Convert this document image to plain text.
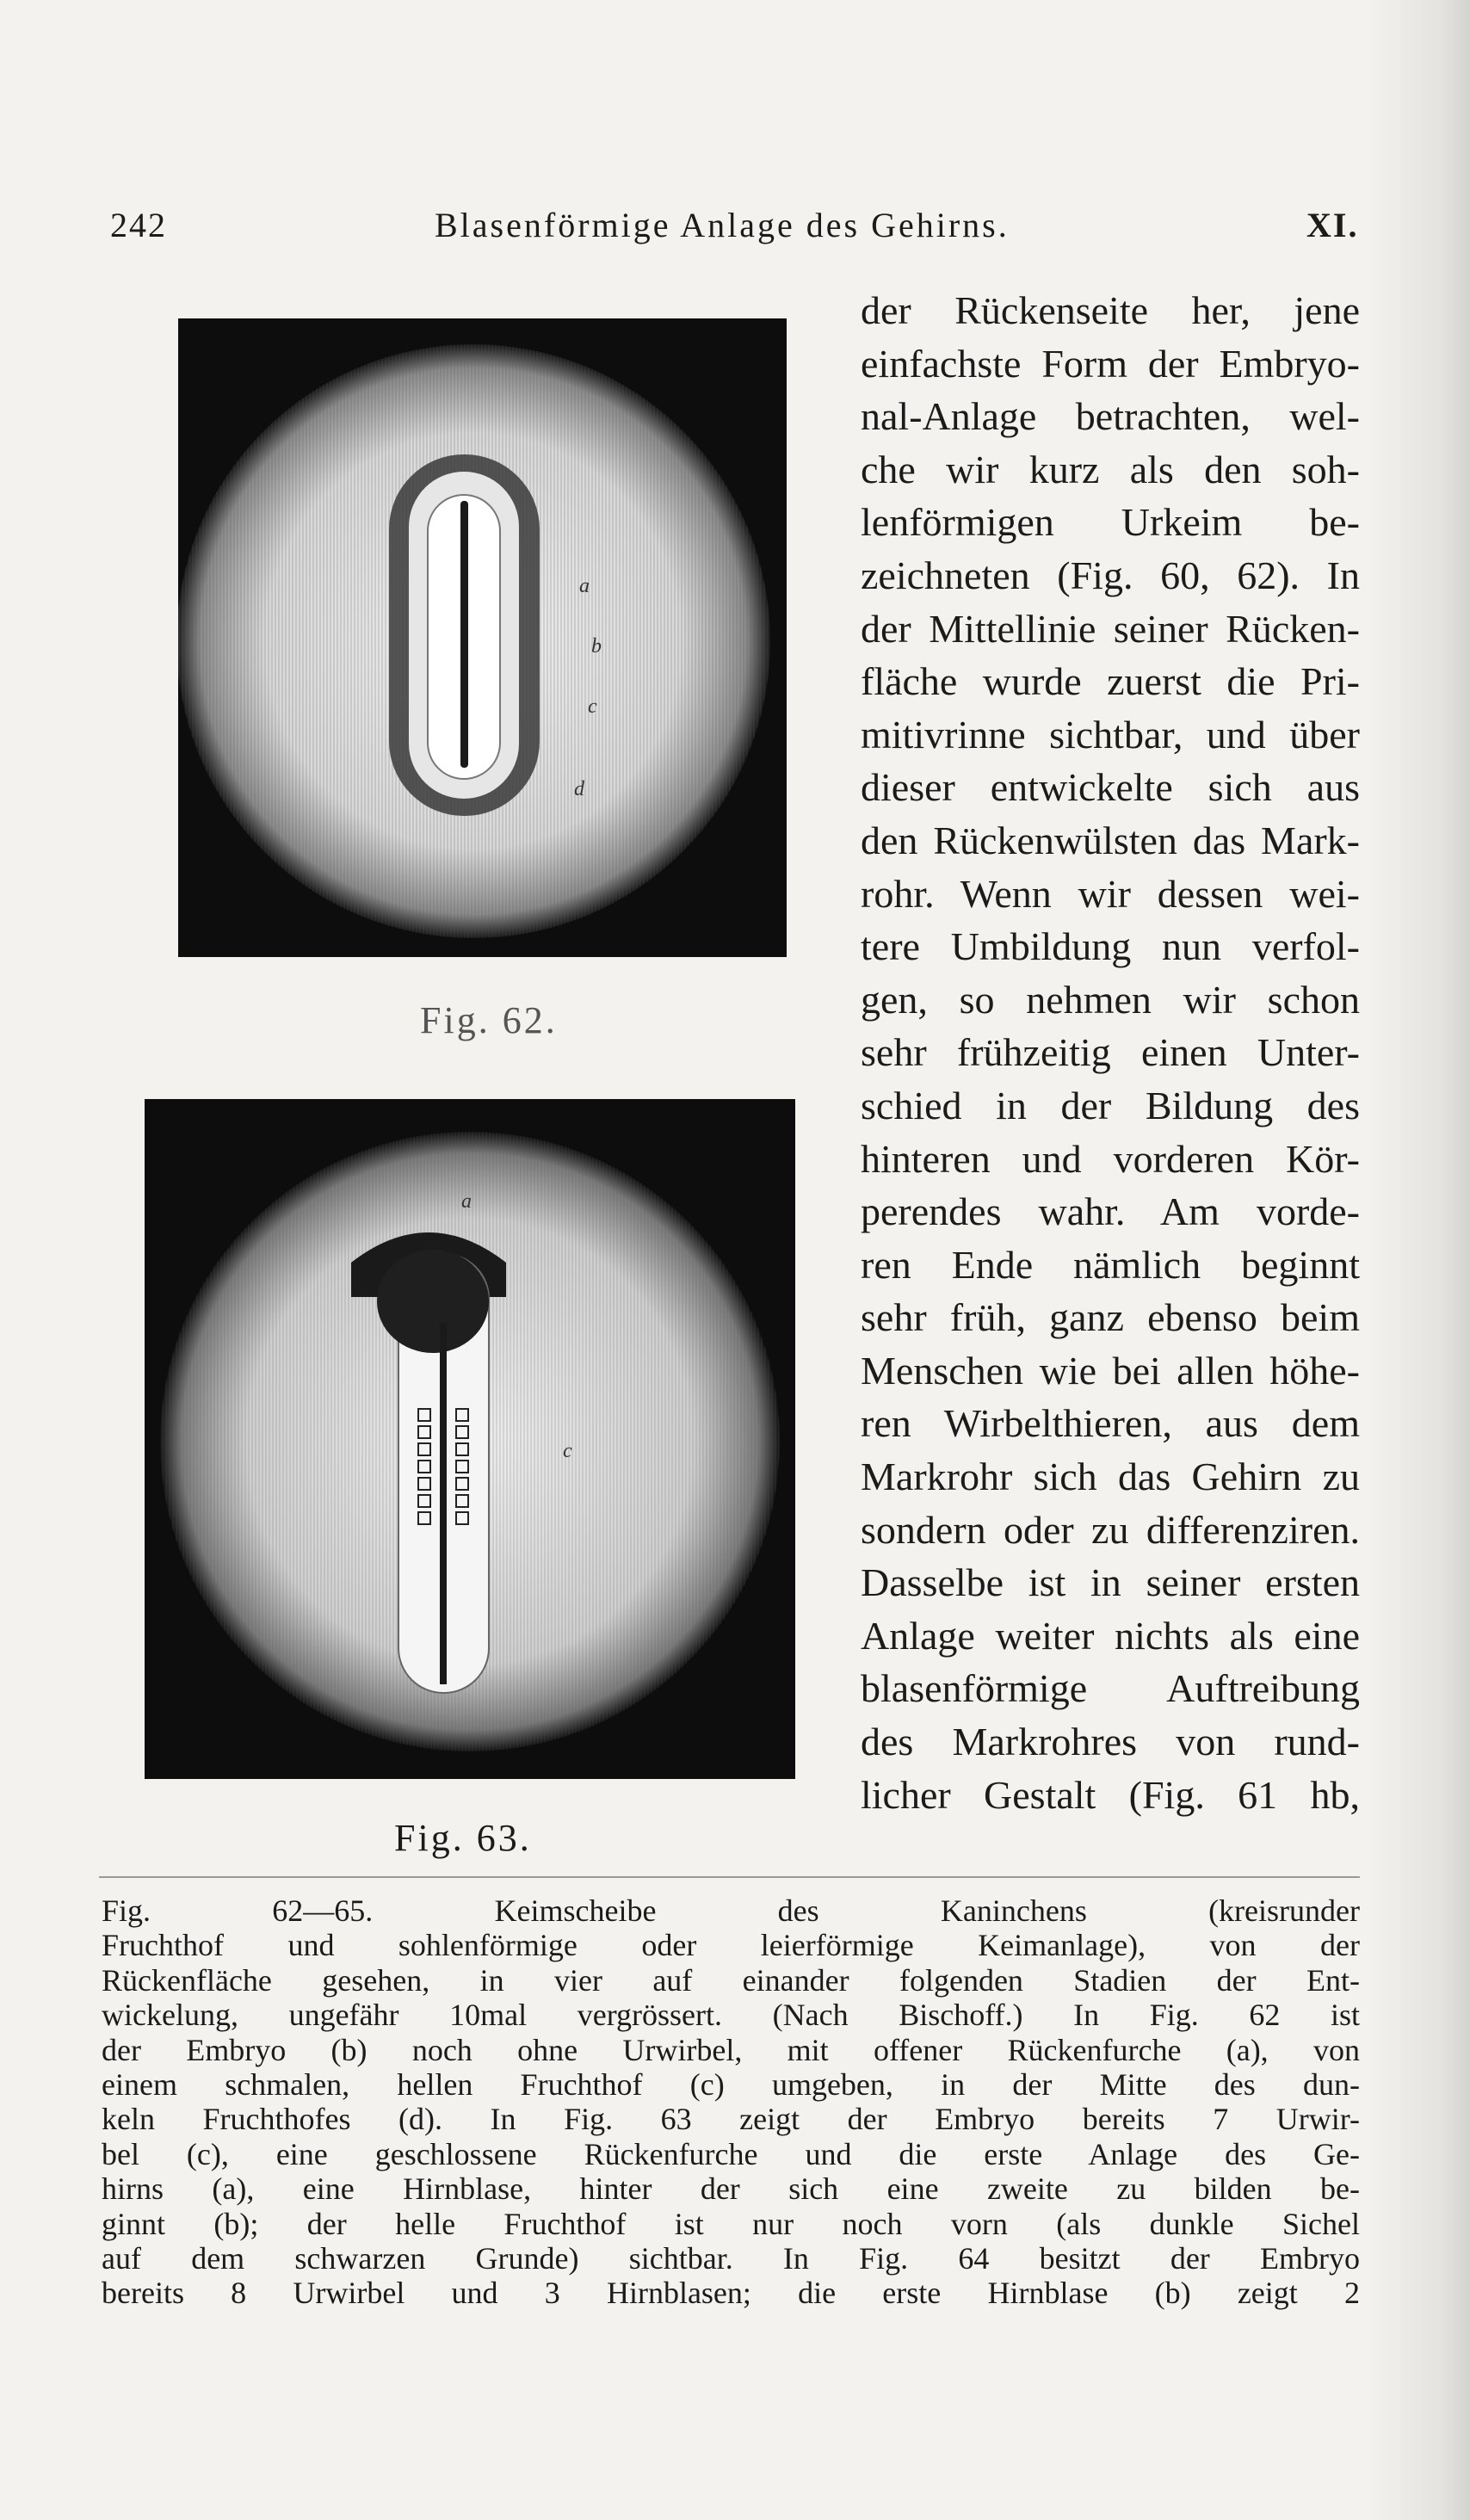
242	Blasenförmige Anlage des Gehirns.	XI.
a
b
c
d
Fig. 62.
a
c
Fig. 63.
der Rückenseite her, jene
einfachste Form der Embryo-
nal-Anlage betrachten, wel-
che wir kurz als den soh-
lenförmigen Urkeim be-
zeichneten (Fig. 60, 62). In
der Mittellinie seiner Rücken-
fläche wurde zuerst die Pri-
mitivrinne sichtbar, und über
dieser entwickelte sich aus
den Rückenwülsten das Mark-
rohr. Wenn wir dessen wei-
tere Umbildung nun verfol-
gen, so nehmen wir schon
sehr frühzeitig einen Unter-
schied in der Bildung des
hinteren und vorderen Kör-
perendes wahr. Am vorde-
ren Ende nämlich beginnt
sehr früh, ganz ebenso beim
Menschen wie bei allen höhe-
ren Wirbelthieren, aus dem
Markrohr sich das Gehirn zu
sondern oder zu differenziren.
Dasselbe ist in seiner ersten
Anlage weiter nichts als eine
blasenförmige Auftreibung
des Markrohres von rund-
licher Gestalt (Fig. 61 hb,
Fig. 62—65. Keimscheibe des Kaninchens (kreisrunder
Fruchthof und sohlenförmige oder leierförmige Keimanlage), von der
Rückenfläche gesehen, in vier auf einander folgenden Stadien der Ent-
wickelung, ungefähr 10mal vergrössert. (Nach Bischoff.) In Fig. 62 ist
der Embryo (b) noch ohne Urwirbel, mit offener Rückenfurche (a), von
einem schmalen, hellen Fruchthof (c) umgeben, in der Mitte des dun-
keln Fruchthofes (d). In Fig. 63 zeigt der Embryo bereits 7 Urwir-
bel (c), eine geschlossene Rückenfurche und die erste Anlage des Ge-
hirns (a), eine Hirnblase, hinter der sich eine zweite zu bilden be-
ginnt (b); der helle Fruchthof ist nur noch vorn (als dunkle Sichel
auf dem schwarzen Grunde) sichtbar. In Fig. 64 besitzt der Embryo
bereits 8 Urwirbel und 3 Hirnblasen; die erste Hirnblase (b) zeigt 2
